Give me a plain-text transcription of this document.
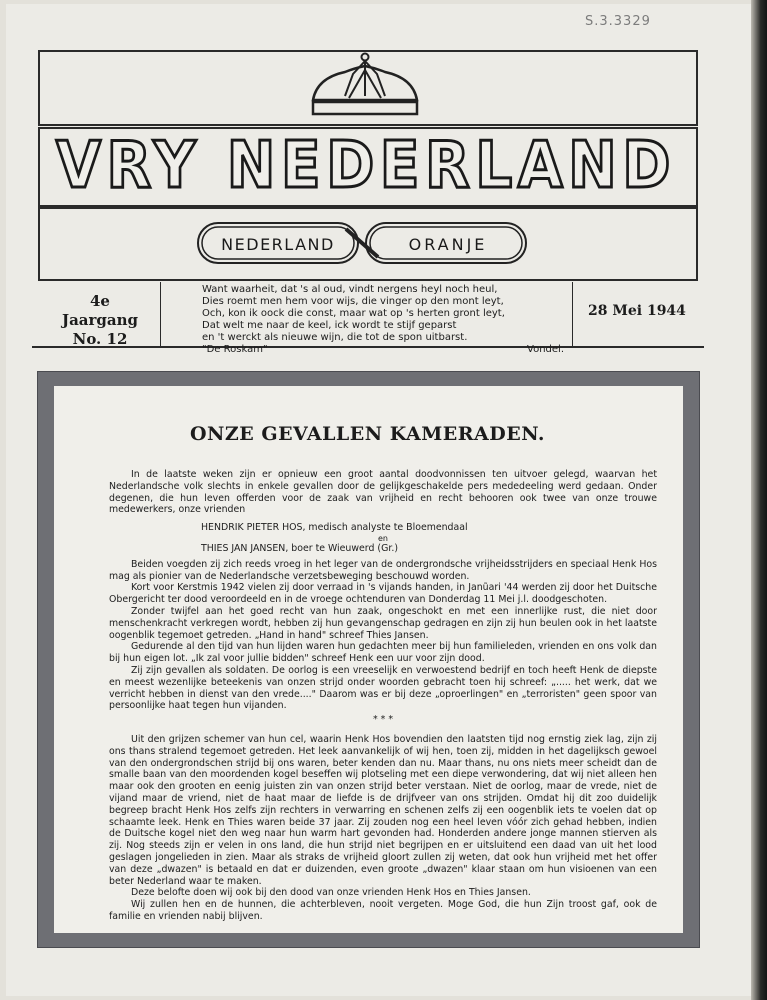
S.3.3329
VRY NEDERLAND
NEDERLAND	ORANJE
4e Jaargang
No. 12
Want waarheit, dat 's al oud, vindt nergens heyl noch heul,
Dies roemt men hem voor wijs, die vinger op den mont leyt,
Och, kon ik oock die const, maar wat op 's herten gront leyt,
Dat welt me naar de keel, ick wordt te stijf geparst
en 't werckt als nieuwe wijn, die tot de spon uitbarst.
"De Roskam"	Vondel.
28 Mei 1944
ONZE GEVALLEN KAMERADEN.

In de laatste weken zijn er opnieuw een groot aantal doodvonnissen ten uitvoer gelegd, waarvan het Nederlandsche volk slechts in enkele gevallen door de gelijkgeschakelde pers mededeeling werd gedaan. Onder degenen, die hun leven offerden voor de zaak van vrijheid en recht behooren ook twee van onze trouwe medewerkers, onze vrienden

HENDRIK PIETER HOS, medisch analyste te Bloemendaal

en

THIES JAN JANSEN, boer te Wieuwerd (Gr.)

Beiden voegden zij zich reeds vroeg in het leger van de ondergrondsche vrijheidsstrijders en speciaal Henk Hos mag als pionier van de Nederlandsche verzetsbeweging beschouwd worden.

Kort voor Kerstmis 1942 vielen zij door verraad in 's vijands handen, in Janũari '44 werden zij door het Duitsche Obergericht ter dood veroordeeld en in de vroege ochtenduren van Donderdag 11 Mei j.l. doodgeschoten.

Zonder twijfel aan het goed recht van hun zaak, ongeschokt en met een innerlijke rust, die niet door menschenkracht verkregen wordt, hebben zij hun gevangenschap gedragen en zijn zij hun beulen ook in het laatste oogenblik tegemoet getreden. „Hand in hand" schreef Thies Jansen.

Gedurende al den tijd van hun lijden waren hun gedachten meer bij hun familieleden, vrienden en ons volk dan bij hun eigen lot. „Ik zal voor jullie bidden" schreef Henk een uur voor zijn dood.

Zij zijn gevallen als soldaten. De oorlog is een vreeselijk en verwoestend bedrijf en toch heeft Henk de diepste en meest wezenlijke beteekenis van onzen strijd onder woorden gebracht toen hij schreef: „..... het werk, dat we verricht hebben in dienst van den vrede...." Daarom was er bij deze „oproerlingen" en „terroristen" geen spoor van persoonlijke haat tegen hun vijanden.

* * *

Uit den grijzen schemer van hun cel, waarin Henk Hos bovendien den laatsten tijd nog ernstig ziek lag, zijn zij ons thans stralend tegemoet getreden. Het leek aanvankelijk of wij hen, toen zij, midden in het dagelijksch gewoel van den ondergrondschen strijd bij ons waren, beter kenden dan nu. Maar thans, nu ons niets meer scheidt dan de smalle baan van den moordenden kogel beseffen wij plotseling met een diepe verwondering, dat wij niet alleen hen maar ook den grooten en eenig juisten zin van onzen strijd beter verstaan. Niet de oorlog, maar de vrede, niet de vijand maar de vriend, niet de haat maar de liefde is de drijfveer van ons strijden. Omdat hij dit zoo duidelijk begreep bracht Henk Hos zelfs zijn rechters in verwarring en schenen zelfs zij een oogenblik iets te voelen dat op schaamte leek. Henk en Thies waren beide 37 jaar. Zij zouden nog een heel leven vóór zich gehad hebben, indien de Duitsche kogel niet den weg naar hun warm hart gevonden had. Honderden andere jonge mannen stierven als zij. Nog steeds zijn er velen in ons land, die hun strijd niet begrijpen en er uitsluitend een daad van uit het lood geslagen jongelieden in zien. Maar als straks de vrijheid gloort zullen zij weten, dat ook hun vrijheid met het offer van deze „dwazen" is betaald en dat er duizenden, even groote „dwazen" klaar staan om hun visioenen van een beter Nederland waar te maken.

Deze belofte doen wij ook bij den dood van onze vrienden Henk Hos en Thies Jansen.

Wij zullen hen en de hunnen, die achterbleven, nooit vergeten. Moge God, die hun Zijn troost gaf, ook de familie en vrienden nabij blijven.
